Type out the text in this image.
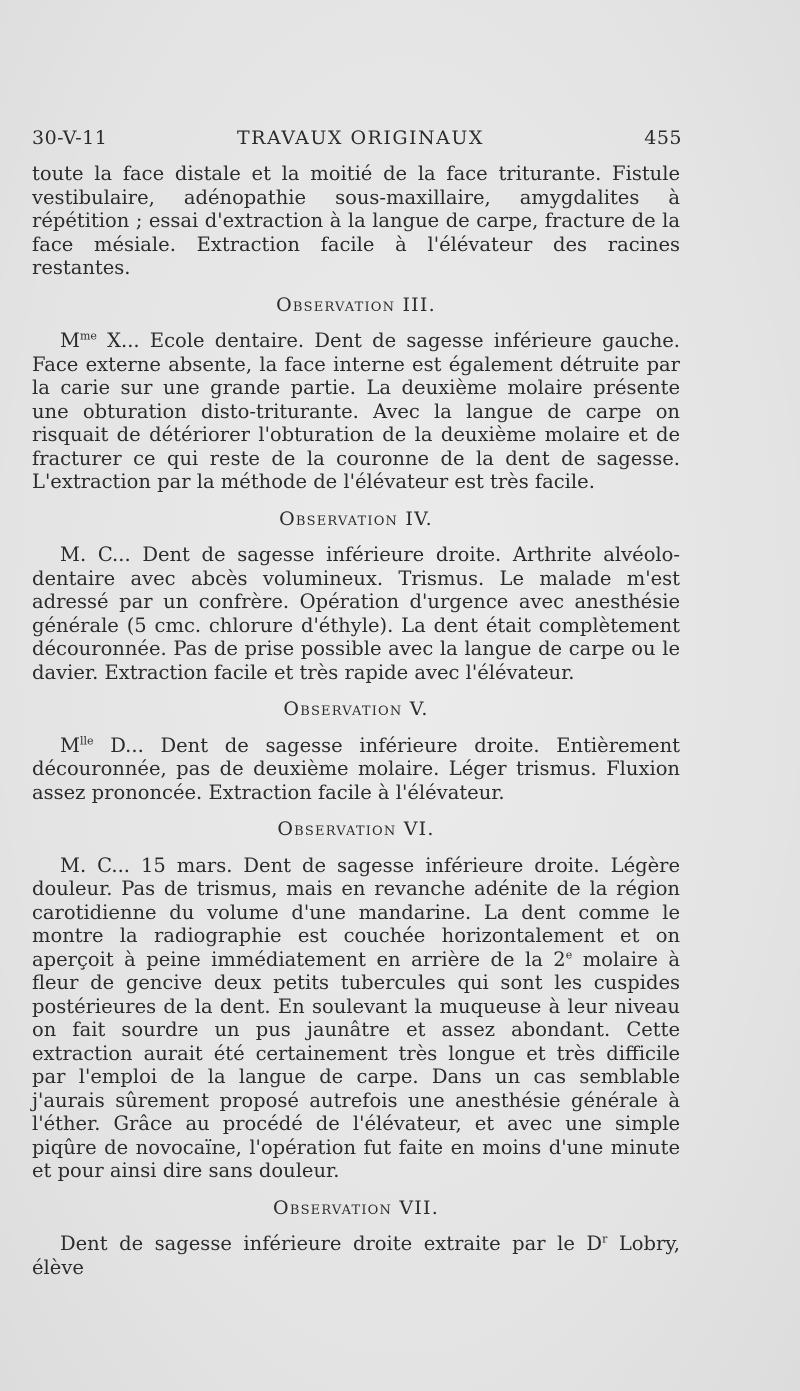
30-V-11	TRAVAUX ORIGINAUX	455

toute la face distale et la moitié de la face triturante. Fistule vestibulaire, adénopathie sous-maxillaire, amygdalites à répétition ; essai d'extraction à la langue de carpe, fracture de la face mésiale. Extraction facile à l'élévateur des racines restantes.

Observation III.

$M^{me}$ X... Ecole dentaire. Dent de sagesse inférieure gauche. Face externe absente, la face interne est également détruite par la carie sur une grande partie. La deuxième molaire présente une obturation disto-triturante. Avec la langue de carpe on risquait de détériorer l'obturation de la deuxième molaire et de fracturer ce qui reste de la couronne de la dent de sagesse. L'extraction par la méthode de l'élévateur est très facile.

Observation IV.

M. C... Dent de sagesse inférieure droite. Arthrite alvéolo-dentaire avec abcès volumineux. Trismus. Le malade m'est adressé par un confrère. Opération d'urgence avec anesthésie générale (5 cmc. chlorure d'éthyle). La dent était complètement découronnée. Pas de prise possible avec la langue de carpe ou le davier. Extraction facile et très rapide avec l'élévateur.

Observation V.

$M^{lle}$ D... Dent de sagesse inférieure droite. Entièrement découronnée, pas de deuxième molaire. Léger trismus. Fluxion assez prononcée. Extraction facile à l'élévateur.

Observation VI.

M. C... 15 mars. Dent de sagesse inférieure droite. Légère douleur. Pas de trismus, mais en revanche adénite de la région carotidienne du volume d'une mandarine. La dent comme le montre la radiographie est couchée horizontalement et on aperçoit à peine immédiatement en arrière de la 2e molaire à fleur de gencive deux petits tubercules qui sont les cuspides postérieures de la dent. En soulevant la muqueuse à leur niveau on fait sourdre un pus jaunâtre et assez abondant. Cette extraction aurait été certainement très longue et très difficile par l'emploi de la langue de carpe. Dans un cas semblable j'aurais sûrement proposé autrefois une anesthésie générale à l'éther. Grâce au procédé de l'élévateur, et avec une simple piqûre de novocaïne, l'opération fut faite en moins d'une minute et pour ainsi dire sans douleur.

Observation VII.

Dent de sagesse inférieure droite extraite par le $D^r$ Lobry, élève
